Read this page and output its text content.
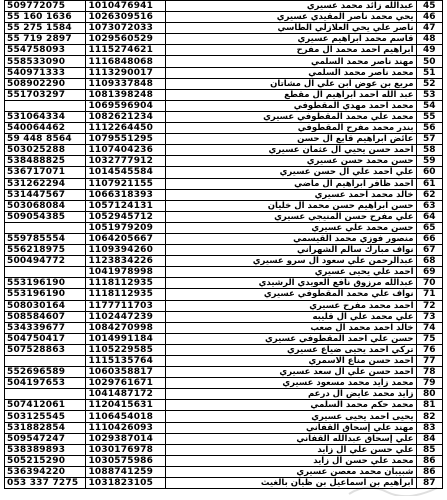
509772075	1010476941	عبدالله زائد محمد عسيري	45
55 160 1636	1026309516	يحي محمد ناصر المقيدي عسيري	46
55 275 1584	1073072033	ناصر علي يحي العلازلي الطاسي	47
55 719 2897	1029560529	قاسم محمد ابراهيم عسيري	48
554758093	1115274621	ابراهيم احمد محمد ال مفرح	49
558533090	1116848068	مهند ناصر محمد السلمي	50
540971333	1113290017	محمد ناصر محمد السلمي	51
508902290	1109337848	مريع بن عوض ابن علي ال مشاتان	52
551703297	1081398248	عبد الله احمد ابراهيم ال مقطع	53
	1069596904	محمد احمد مهدي المقطوفي	54
531064334	1082621234	محمد علي محمد المقطوفي عسيري	55
540064462	1112264450	بندر محمد مفرح المقطوفي	56
59 448 8564	1079551295	عائض ابراهيم قايع آل حسن	57
503025288	1107404236	احمد حسن يحيي آل عثمان عسيري	58
538488825	1032777912	حسن محمد حسن عسيري	59
536717071	1014545584	علي احمد علي آل حسن عسيري	60
531262294	1107921155	احمد ظافر ابراهيم آل ماضي	61
531447567	1066318393	خالد محمد احمد عسيري	62
503068084	1057124131	حسن ابراهيم حسن محمد آل خليان	63
509054385	1052945712	علي مفرح حسن المنيجي عسيري	64
	1051979209	حسن محمد علي عسيري	65
559785554	1064205667	منصور فوزي محمد القيسمي	66
556218975	1109394260	نواف مبارك سالم الشهراني	67
500494772	1123834226	عبدالرحمن علي سعود آل سرو عسيري	68
	1041978998	احمد علي يحيى عسيري	69
553196190	1118112935	عبدالله مرزوق نافع العويدي الرشيدي	70
553196190	1118112935	نواف علي محمد المقطوفي عسيري	71
508030164	1177711703	احمد محمد مفرح عسيري	72
508584607	1102447239	علي محمد علي آل قليبه	73
534339677	1084270998	خالد احمد محمد آل صعب	74
504750417	1014991184	حسن علي احمد المقطوفي عسيري	75
507528863	1105229585	تركي احمد يحيى ضياع عسيري	76
	1115135764	احمد حسن مناع الاسمري	77
552696589	1060358817	احمد حسن علي آل سعد عسيري	78
504197653	1029761671	محمد زايد محمد مسعود عسيري	79
	1041487172	زايد محمد عايض ال درعم	80
507412061	1120415631	محمد حكم محمد السلمي	81
503125545	1106454018	يحيى احمد يحيى عسيري	82
531882854	1110426093	مهند علي إسحاق القفاني	83
509547247	1029387014	علي إسحاق عبدالله القفاني	84
538389893	1030176978	علي حسن علي آل زايد	85
505215290	1030575986	محمد علي حسن آل زايد	86
536394220	1088741259	شبيبان محمد معصن عسيري	86
053 337 7275	1031823105	ابراهيم بن اسماعيل بن ظيان بالغيث	87
